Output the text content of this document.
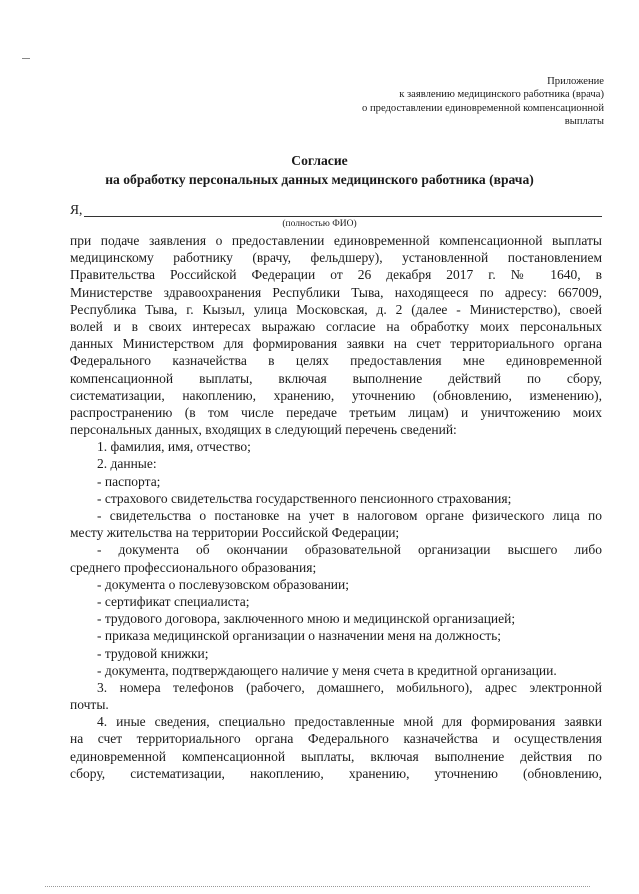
Приложение
к заявлению медицинского работника (врача)
о предоставлении единовременной компенсационной
выплаты
Согласие
на обработку персональных данных медицинского работника (врача)
Я,
(полностью ФИО)
при подаче заявления о предоставлении единовременной компенсационной выплаты
медицинскому работнику (врачу, фельдшеру), установленной постановлением
Правительства Российской Федерации от 26 декабря 2017 г. № 1640, в
Министерстве здравоохранения Республики Тыва, находящееся по адресу: 667009,
Республика Тыва, г. Кызыл, улица Московская, д. 2 (далее - Министерство), своей
волей и в своих интересах выражаю согласие на обработку моих персональных
данных Министерством для формирования заявки на счет территориального органа
Федерального казначейства в целях предоставления мне единовременной
компенсационной выплаты, включая выполнение действий по сбору,
систематизации, накоплению, хранению, уточнению (обновлению, изменению),
распространению (в том числе передаче третьим лицам) и уничтожению моих
персональных данных, входящих в следующий перечень сведений:
1. фамилия, имя, отчество;
2. данные:
- паспорта;
- страхового свидетельства государственного пенсионного страхования;
- свидетельства о постановке на учет в налоговом органе физического лица по
месту жительства на территории Российской Федерации;
- документа об окончании образовательной организации высшего либо
среднего профессионального образования;
- документа о послевузовском образовании;
- сертификат специалиста;
- трудового договора, заключенного мною и медицинской организацией;
- приказа медицинской организации о назначении меня на должность;
- трудовой книжки;
- документа, подтверждающего наличие у меня счета в кредитной организации.
3. номера телефонов (рабочего, домашнего, мобильного), адрес электронной
почты.
4. иные сведения, специально предоставленные мной для формирования заявки
на счет территориального органа Федерального казначейства и осуществления
единовременной компенсационной выплаты, включая выполнение действия по
сбору, систематизации, накоплению, хранению, уточнению (обновлению,
